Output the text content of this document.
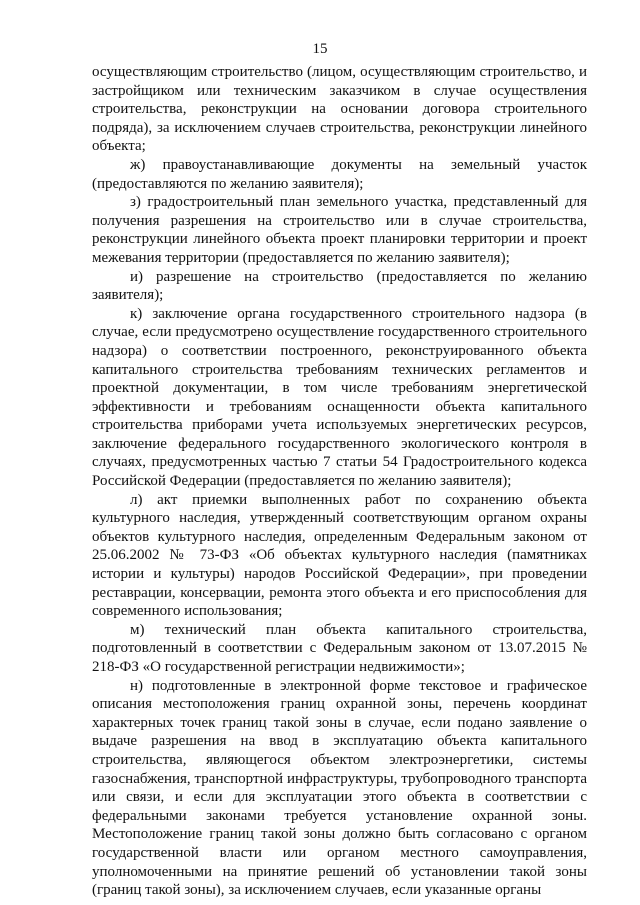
15

осуществляющим строительство (лицом, осуществляющим строительство, и застройщиком или техническим заказчиком в случае осуществления строительства, реконструкции на основании договора строительного подряда), за исключением случаев строительства, реконструкции линейного объекта;

ж) правоустанавливающие документы на земельный участок (предоставляются по желанию заявителя);

з) градостроительный план земельного участка, представленный для получения разрешения на строительство или в случае строительства, реконструкции линейного объекта проект планировки территории и проект межевания территории (предоставляется по желанию заявителя);

и) разрешение на строительство (предоставляется по желанию заявителя);

к) заключение органа государственного строительного надзора (в случае, если предусмотрено осуществление государственного строительного надзора) о соответствии построенного, реконструированного объекта капитального строительства требованиям технических регламентов и проектной документации, в том числе требованиям энергетической эффективности и требованиям оснащенности объекта капитального строительства приборами учета используемых энергетических ресурсов, заключение федерального государственного экологического контроля в случаях, предусмотренных частью 7 статьи 54 Градостроительного кодекса Российской Федерации (предоставляется по желанию заявителя);

л) акт приемки выполненных работ по сохранению объекта культурного наследия, утвержденный соответствующим органом охраны объектов культурного наследия, определенным Федеральным законом от 25.06.2002 № 73-ФЗ «Об объектах культурного наследия (памятниках истории и культуры) народов Российской Федерации», при проведении реставрации, консервации, ремонта этого объекта и его приспособления для современного использования;

м) технический план объекта капитального строительства, подготовленный в соответствии с Федеральным законом от 13.07.2015 № 218-ФЗ «О государственной регистрации недвижимости»;

н) подготовленные в электронной форме текстовое и графическое описания местоположения границ охранной зоны, перечень координат характерных точек границ такой зоны в случае, если подано заявление о выдаче разрешения на ввод в эксплуатацию объекта капитального строительства, являющегося объектом электроэнергетики, системы газоснабжения, транспортной инфраструктуры, трубопроводного транспорта или связи, и если для эксплуатации этого объекта в соответствии с федеральными законами требуется установление охранной зоны. Местоположение границ такой зоны должно быть согласовано с органом государственной власти или органом местного самоуправления, уполномоченными на принятие решений об установлении такой зоны (границ такой зоны), за исключением случаев, если указанные органы
